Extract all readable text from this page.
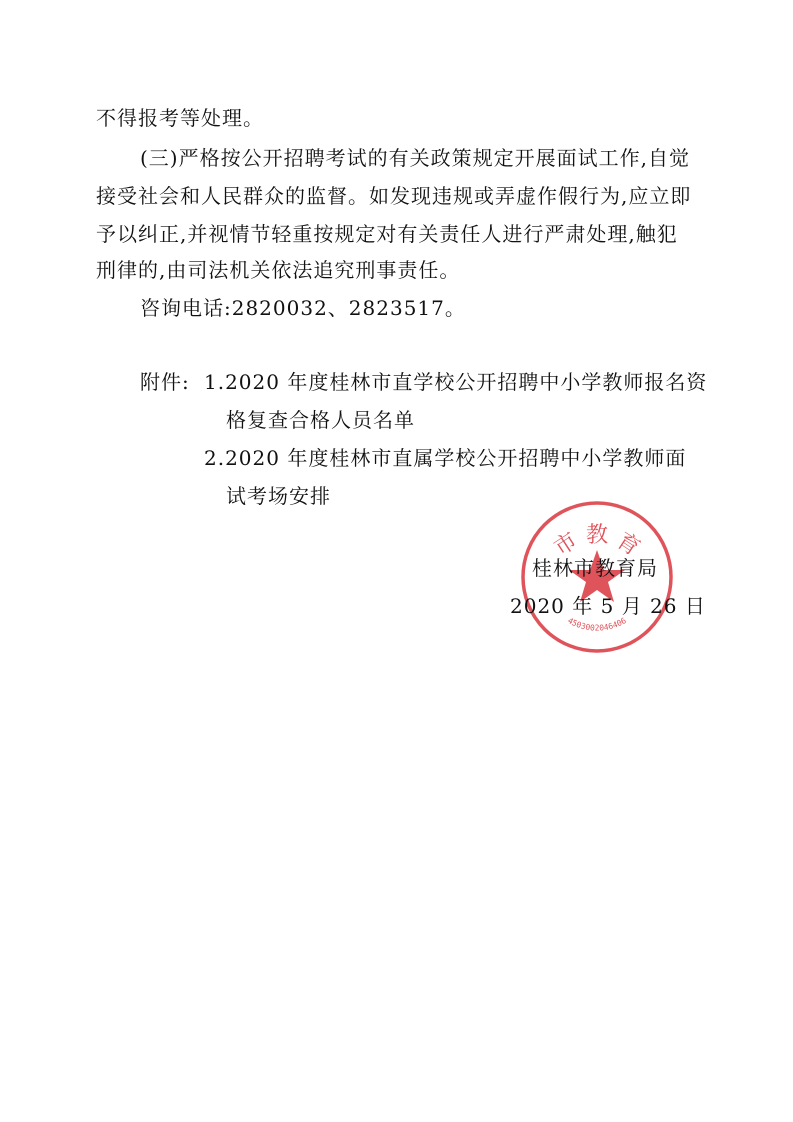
不得报考等处理。
(三)严格按公开招聘考试的有关政策规定开展面试工作,自觉
接受社会和人民群众的监督。如发现违规或弄虚作假行为,应立即
予以纠正,并视情节轻重按规定对有关责任人进行严肃处理,触犯
刑律的,由司法机关依法追究刑事责任。
咨询电话:2820032、2823517。
附件: 1.2020 年度桂林市直学校公开招聘中小学教师报名资
格复查合格人员名单
2.2020 年度桂林市直属学校公开招聘中小学教师面
试考场安排
市 教 育
4503002046406
桂林市教育局
2020 年 5 月 26 日
